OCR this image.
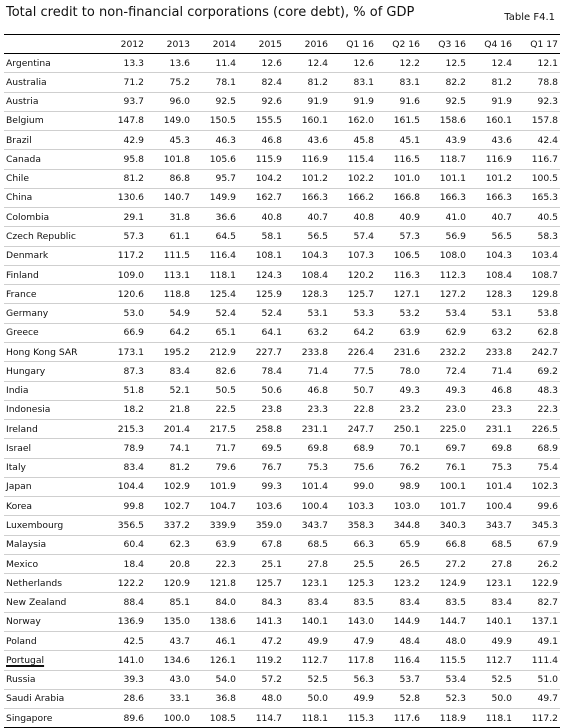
Total credit to non-financial corporations (core debt), % of GDP	Table F4.1
	2012	2013	2014	2015	2016	Q1 16	Q2 16	Q3 16	Q4 16	Q1 17
Argentina	13.3	13.6	11.4	12.6	12.4	12.6	12.2	12.5	12.4	12.1
Australia	71.2	75.2	78.1	82.4	81.2	83.1	83.1	82.2	81.2	78.8
Austria	93.7	96.0	92.5	92.6	91.9	91.9	91.6	92.5	91.9	92.3
Belgium	147.8	149.0	150.5	155.5	160.1	162.0	161.5	158.6	160.1	157.8
Brazil	42.9	45.3	46.3	46.8	43.6	45.8	45.1	43.9	43.6	42.4
Canada	95.8	101.8	105.6	115.9	116.9	115.4	116.5	118.7	116.9	116.7
Chile	81.2	86.8	95.7	104.2	101.2	102.2	101.0	101.1	101.2	100.5
China	130.6	140.7	149.9	162.7	166.3	166.2	166.8	166.3	166.3	165.3
Colombia	29.1	31.8	36.6	40.8	40.7	40.8	40.9	41.0	40.7	40.5
Czech Republic	57.3	61.1	64.5	58.1	56.5	57.4	57.3	56.9	56.5	58.3
Denmark	117.2	111.5	116.4	108.1	104.3	107.3	106.5	108.0	104.3	103.4
Finland	109.0	113.1	118.1	124.3	108.4	120.2	116.3	112.3	108.4	108.7
France	120.6	118.8	125.4	125.9	128.3	125.7	127.1	127.2	128.3	129.8
Germany	53.0	54.9	52.4	52.4	53.1	53.3	53.2	53.4	53.1	53.8
Greece	66.9	64.2	65.1	64.1	63.2	64.2	63.9	62.9	63.2	62.8
Hong Kong SAR	173.1	195.2	212.9	227.7	233.8	226.4	231.6	232.2	233.8	242.7
Hungary	87.3	83.4	82.6	78.4	71.4	77.5	78.0	72.4	71.4	69.2
India	51.8	52.1	50.5	50.6	46.8	50.7	49.3	49.3	46.8	48.3
Indonesia	18.2	21.8	22.5	23.8	23.3	22.8	23.2	23.0	23.3	22.3
Ireland	215.3	201.4	217.5	258.8	231.1	247.7	250.1	225.0	231.1	226.5
Israel	78.9	74.1	71.7	69.5	69.8	68.9	70.1	69.7	69.8	68.9
Italy	83.4	81.2	79.6	76.7	75.3	75.6	76.2	76.1	75.3	75.4
Japan	104.4	102.9	101.9	99.3	101.4	99.0	98.9	100.1	101.4	102.3
Korea	99.8	102.7	104.7	103.6	100.4	103.3	103.0	101.7	100.4	99.6
Luxembourg	356.5	337.2	339.9	359.0	343.7	358.3	344.8	340.3	343.7	345.3
Malaysia	60.4	62.3	63.9	67.8	68.5	66.3	65.9	66.8	68.5	67.9
Mexico	18.4	20.8	22.3	25.1	27.8	25.5	26.5	27.2	27.8	26.2
Netherlands	122.2	120.9	121.8	125.7	123.1	125.3	123.2	124.9	123.1	122.9
New Zealand	88.4	85.1	84.0	84.3	83.4	83.5	83.4	83.5	83.4	82.7
Norway	136.9	135.0	138.6	141.3	140.1	143.0	144.9	144.7	140.1	137.1
Poland	42.5	43.7	46.1	47.2	49.9	47.9	48.4	48.0	49.9	49.1
Portugal	141.0	134.6	126.1	119.2	112.7	117.8	116.4	115.5	112.7	111.4
Russia	39.3	43.0	54.0	57.2	52.5	56.3	53.7	53.4	52.5	51.0
Saudi Arabia	28.6	33.1	36.8	48.0	50.0	49.9	52.8	52.3	50.0	49.7
Singapore	89.6	100.0	108.5	114.7	118.1	115.3	117.6	118.9	118.1	117.2
